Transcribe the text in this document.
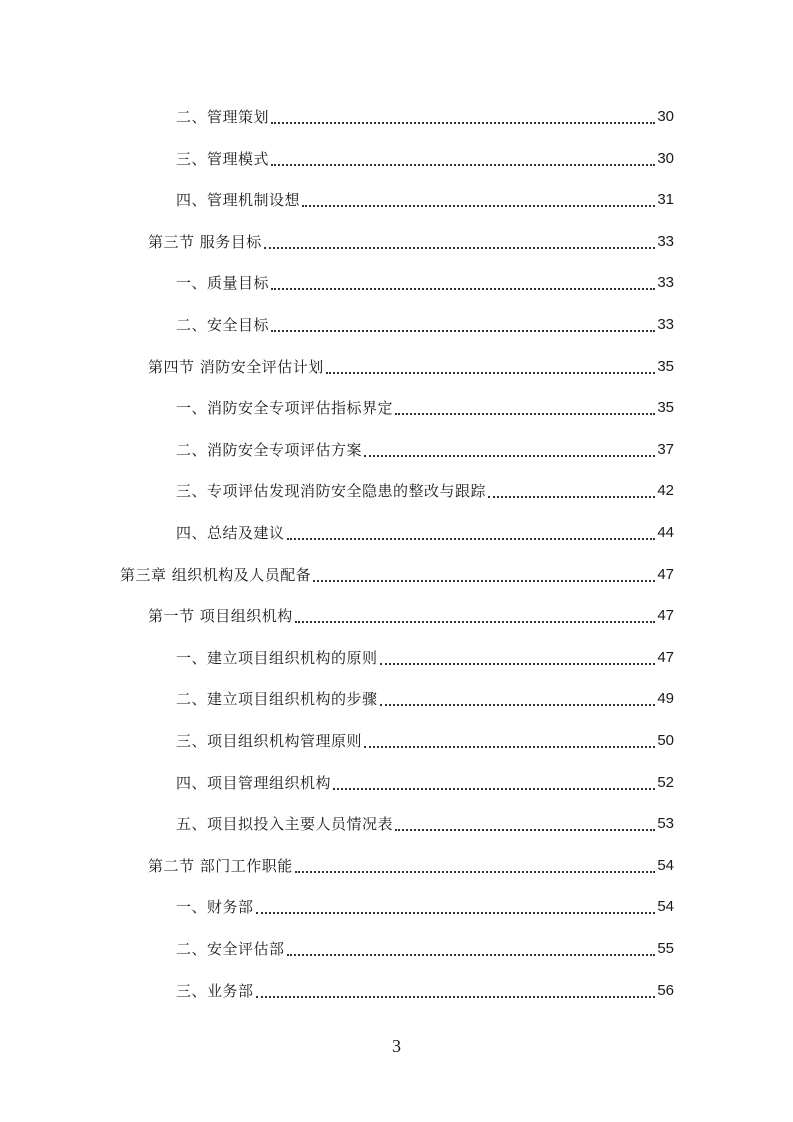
二、管理策划	30
三、管理模式	30
四、管理机制设想	31
第三节 服务目标	33
一、质量目标	33
二、安全目标	33
第四节 消防安全评估计划	35
一、消防安全专项评估指标界定	35
二、消防安全专项评估方案	37
三、专项评估发现消防安全隐患的整改与跟踪	42
四、总结及建议	44
第三章 组织机构及人员配备	47
第一节 项目组织机构	47
一、建立项目组织机构的原则	47
二、建立项目组织机构的步骤	49
三、项目组织机构管理原则	50
四、项目管理组织机构	52
五、项目拟投入主要人员情况表	53
第二节 部门工作职能	54
一、财务部	54
二、安全评估部	55
三、业务部	56
3
